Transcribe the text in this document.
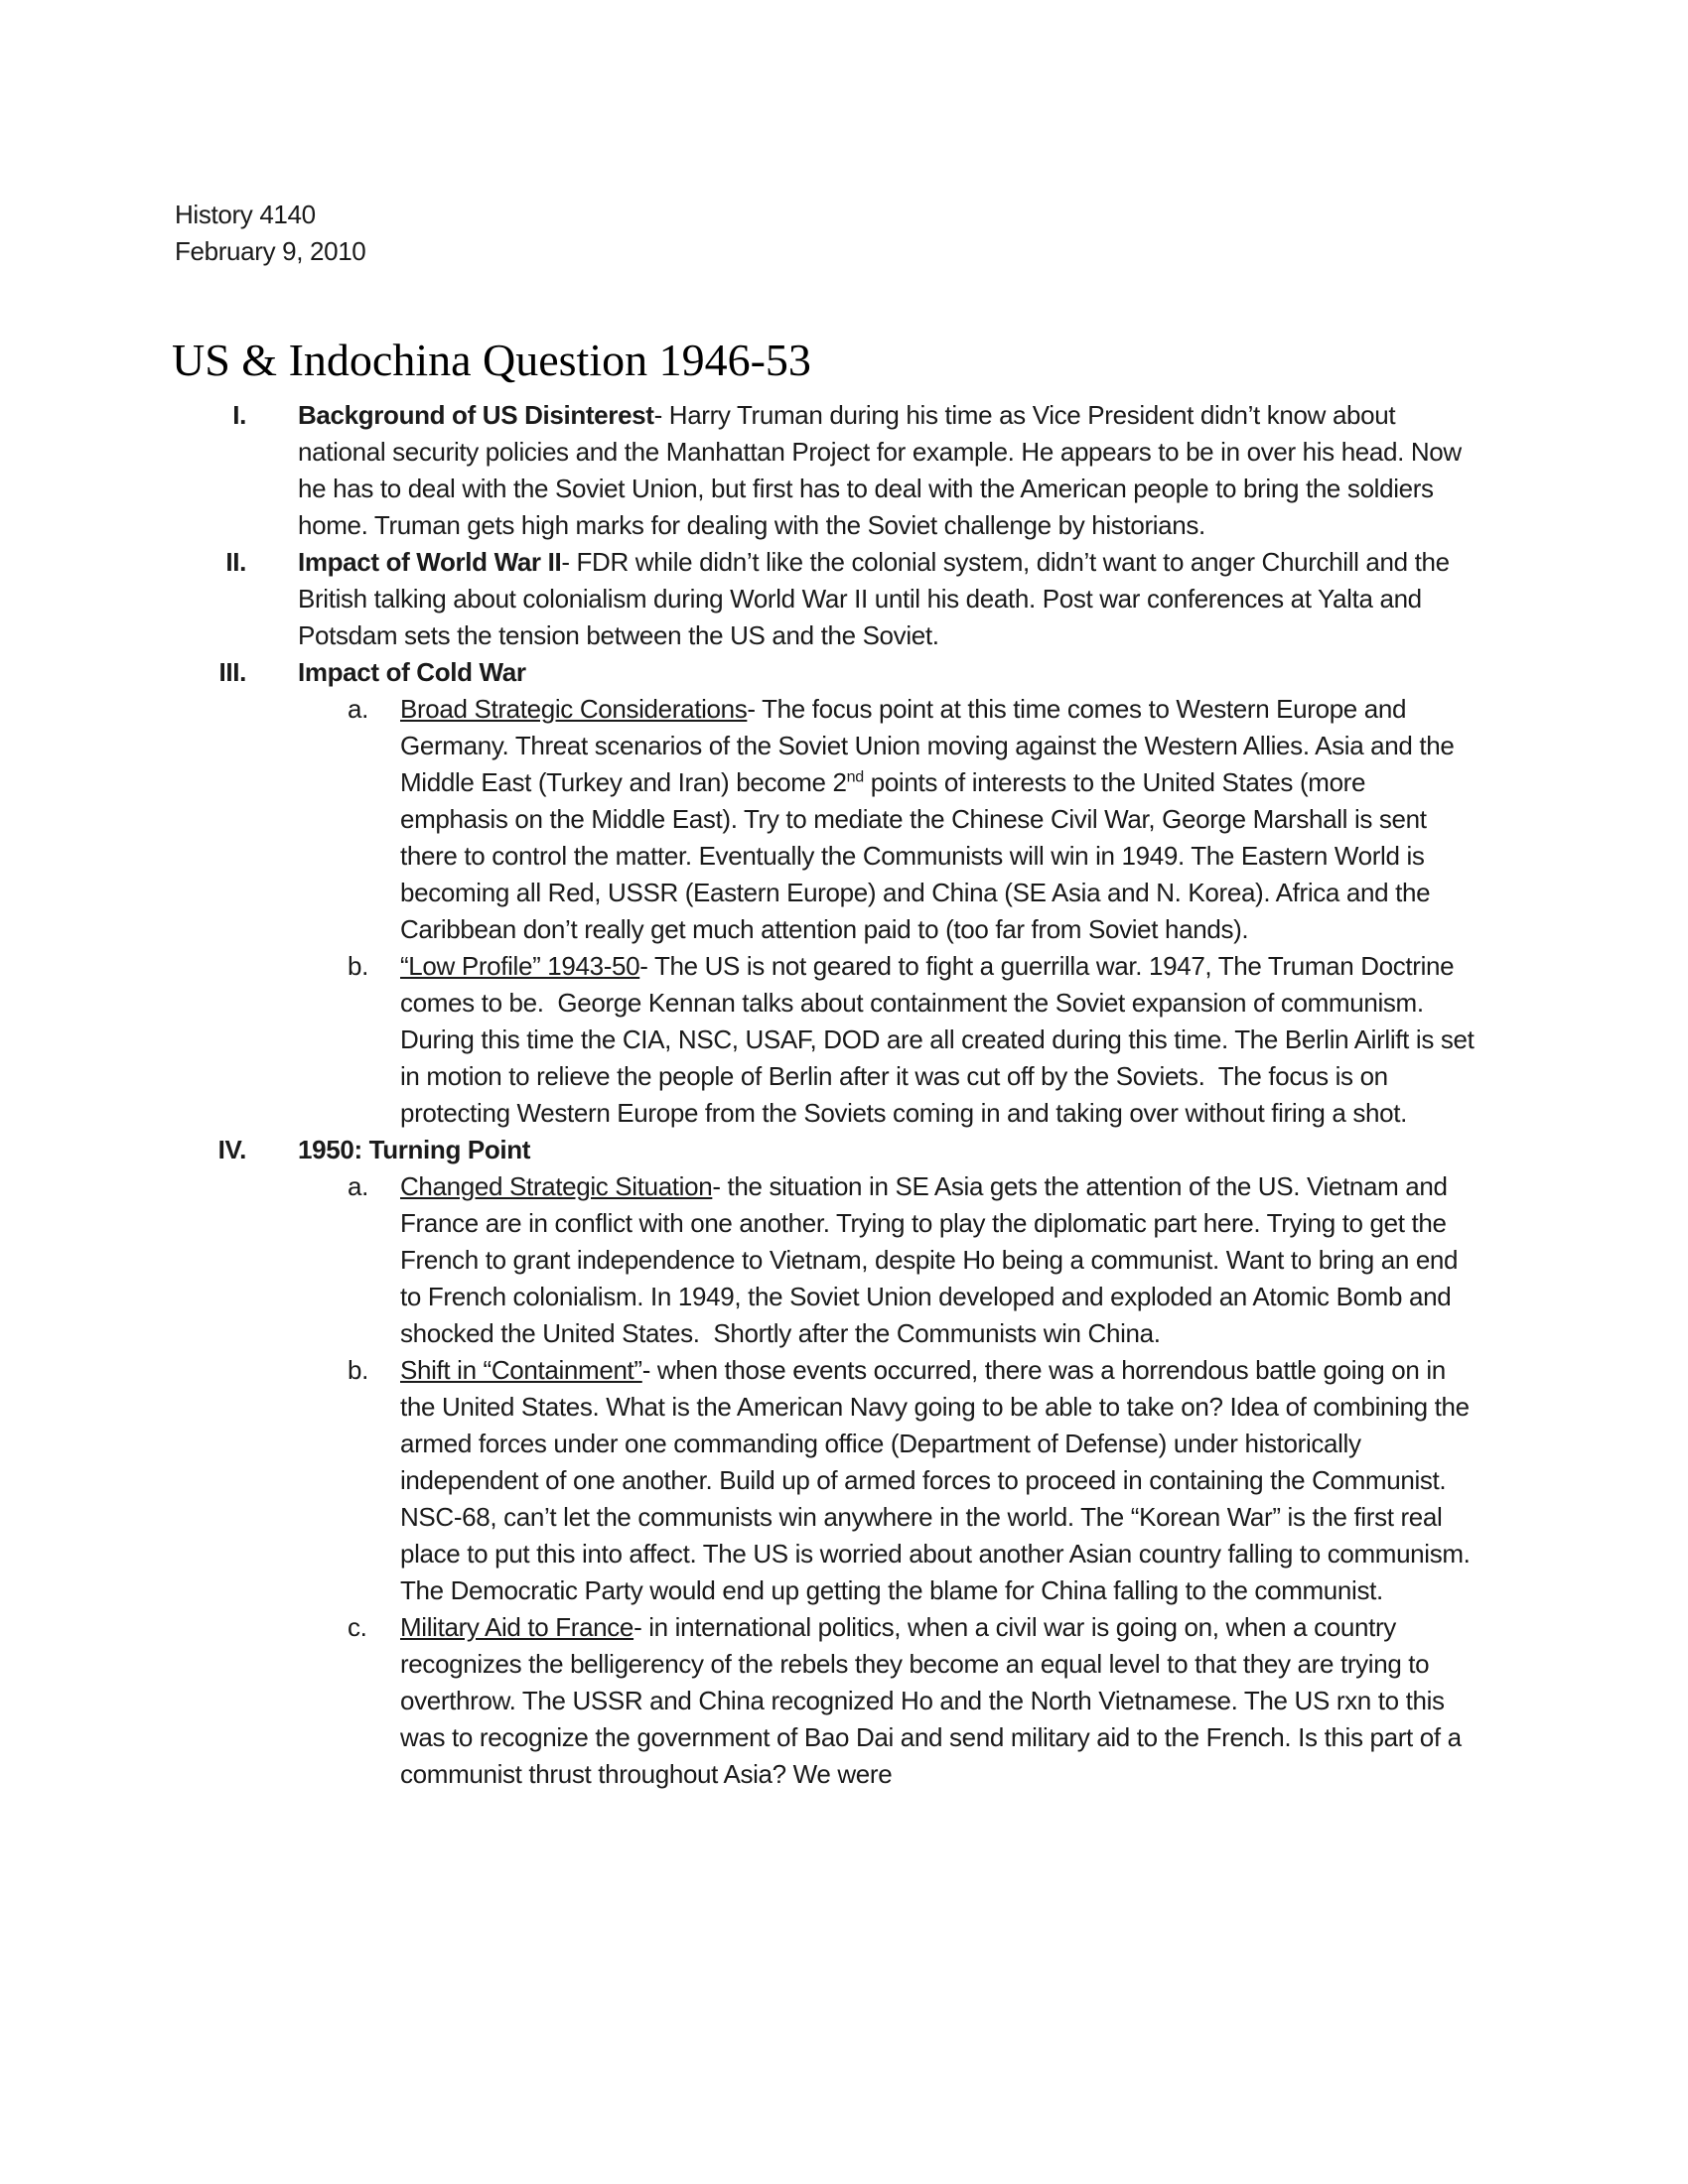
History 4140
February 9, 2010
US & Indochina Question 1946-53
I.	Background of US Disinterest- Harry Truman during his time as Vice President didn’t know about national security policies and the Manhattan Project for example. He appears to be in over his head. Now he has to deal with the Soviet Union, but first has to deal with the American people to bring the soldiers home. Truman gets high marks for dealing with the Soviet challenge by historians.
II.	Impact of World War II- FDR while didn’t like the colonial system, didn’t want to anger Churchill and the British talking about colonialism during World War II until his death. Post war conferences at Yalta and Potsdam sets the tension between the US and the Soviet.
III.	Impact of Cold War
a.	Broad Strategic Considerations- The focus point at this time comes to Western Europe and Germany. Threat scenarios of the Soviet Union moving against the Western Allies. Asia and the Middle East (Turkey and Iran) become 2nd points of interests to the United States (more emphasis on the Middle East). Try to mediate the Chinese Civil War, George Marshall is sent there to control the matter. Eventually the Communists will win in 1949. The Eastern World is becoming all Red, USSR (Eastern Europe) and China (SE Asia and N. Korea). Africa and the Caribbean don’t really get much attention paid to (too far from Soviet hands).
b.	“Low Profile” 1943-50- The US is not geared to fight a guerrilla war. 1947, The Truman Doctrine comes to be.  George Kennan talks about containment the Soviet expansion of communism. During this time the CIA, NSC, USAF, DOD are all created during this time. The Berlin Airlift is set in motion to relieve the people of Berlin after it was cut off by the Soviets.  The focus is on protecting Western Europe from the Soviets coming in and taking over without firing a shot.
IV.	1950: Turning Point
a.	Changed Strategic Situation- the situation in SE Asia gets the attention of the US. Vietnam and France are in conflict with one another. Trying to play the diplomatic part here. Trying to get the French to grant independence to Vietnam, despite Ho being a communist. Want to bring an end to French colonialism. In 1949, the Soviet Union developed and exploded an Atomic Bomb and shocked the United States.  Shortly after the Communists win China.
b.	Shift in “Containment”- when those events occurred, there was a horrendous battle going on in the United States. What is the American Navy going to be able to take on? Idea of combining the armed forces under one commanding office (Department of Defense) under historically independent of one another. Build up of armed forces to proceed in containing the Communist. NSC-68, can’t let the communists win anywhere in the world. The “Korean War” is the first real place to put this into affect. The US is worried about another Asian country falling to communism. The Democratic Party would end up getting the blame for China falling to the communist.
c.	Military Aid to France- in international politics, when a civil war is going on, when a country recognizes the belligerency of the rebels they become an equal level to that they are trying to overthrow. The USSR and China recognized Ho and the North Vietnamese. The US rxn to this was to recognize the government of Bao Dai and send military aid to the French. Is this part of a communist thrust throughout Asia? We were
